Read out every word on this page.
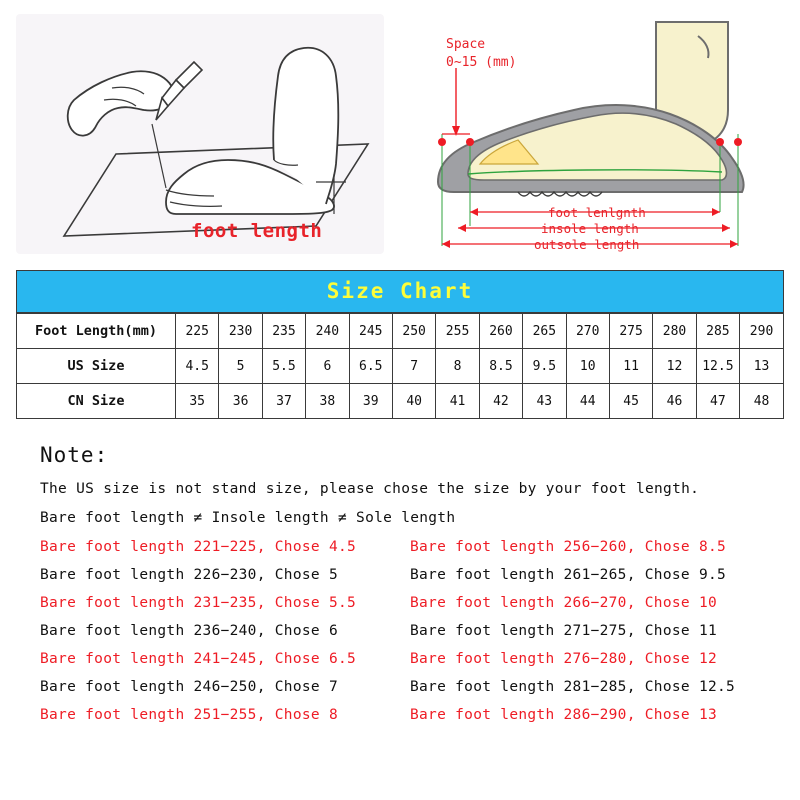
foot length
Space
0~15 (mm)
foot lenlgnth
insole length
outsole length
Size Chart
Foot Length(mm)	225	230	235	240	245	250	255	260	265	270	275	280	285	290
US Size	4.5	5	5.5	6	6.5	7	8	8.5	9.5	10	11	12	12.5	13
CN Size	35	36	37	38	39	40	41	42	43	44	45	46	47	48
Note:
The US size is not stand size, please chose the size by your foot length.
Bare foot length ≠ Insole length ≠ Sole length
Bare foot length 221−225, Chose 4.5
Bare foot length 226−230, Chose 5
Bare foot length 231−235, Chose 5.5
Bare foot length 236−240, Chose 6
Bare foot length 241−245, Chose 6.5
Bare foot length 246−250, Chose 7
Bare foot length 251−255, Chose 8
Bare foot length 256−260, Chose 8.5
Bare foot length 261−265, Chose 9.5
Bare foot length 266−270, Chose 10
Bare foot length 271−275, Chose 11
Bare foot length 276−280, Chose 12
Bare foot length 281−285, Chose 12.5
Bare foot length 286−290, Chose 13
